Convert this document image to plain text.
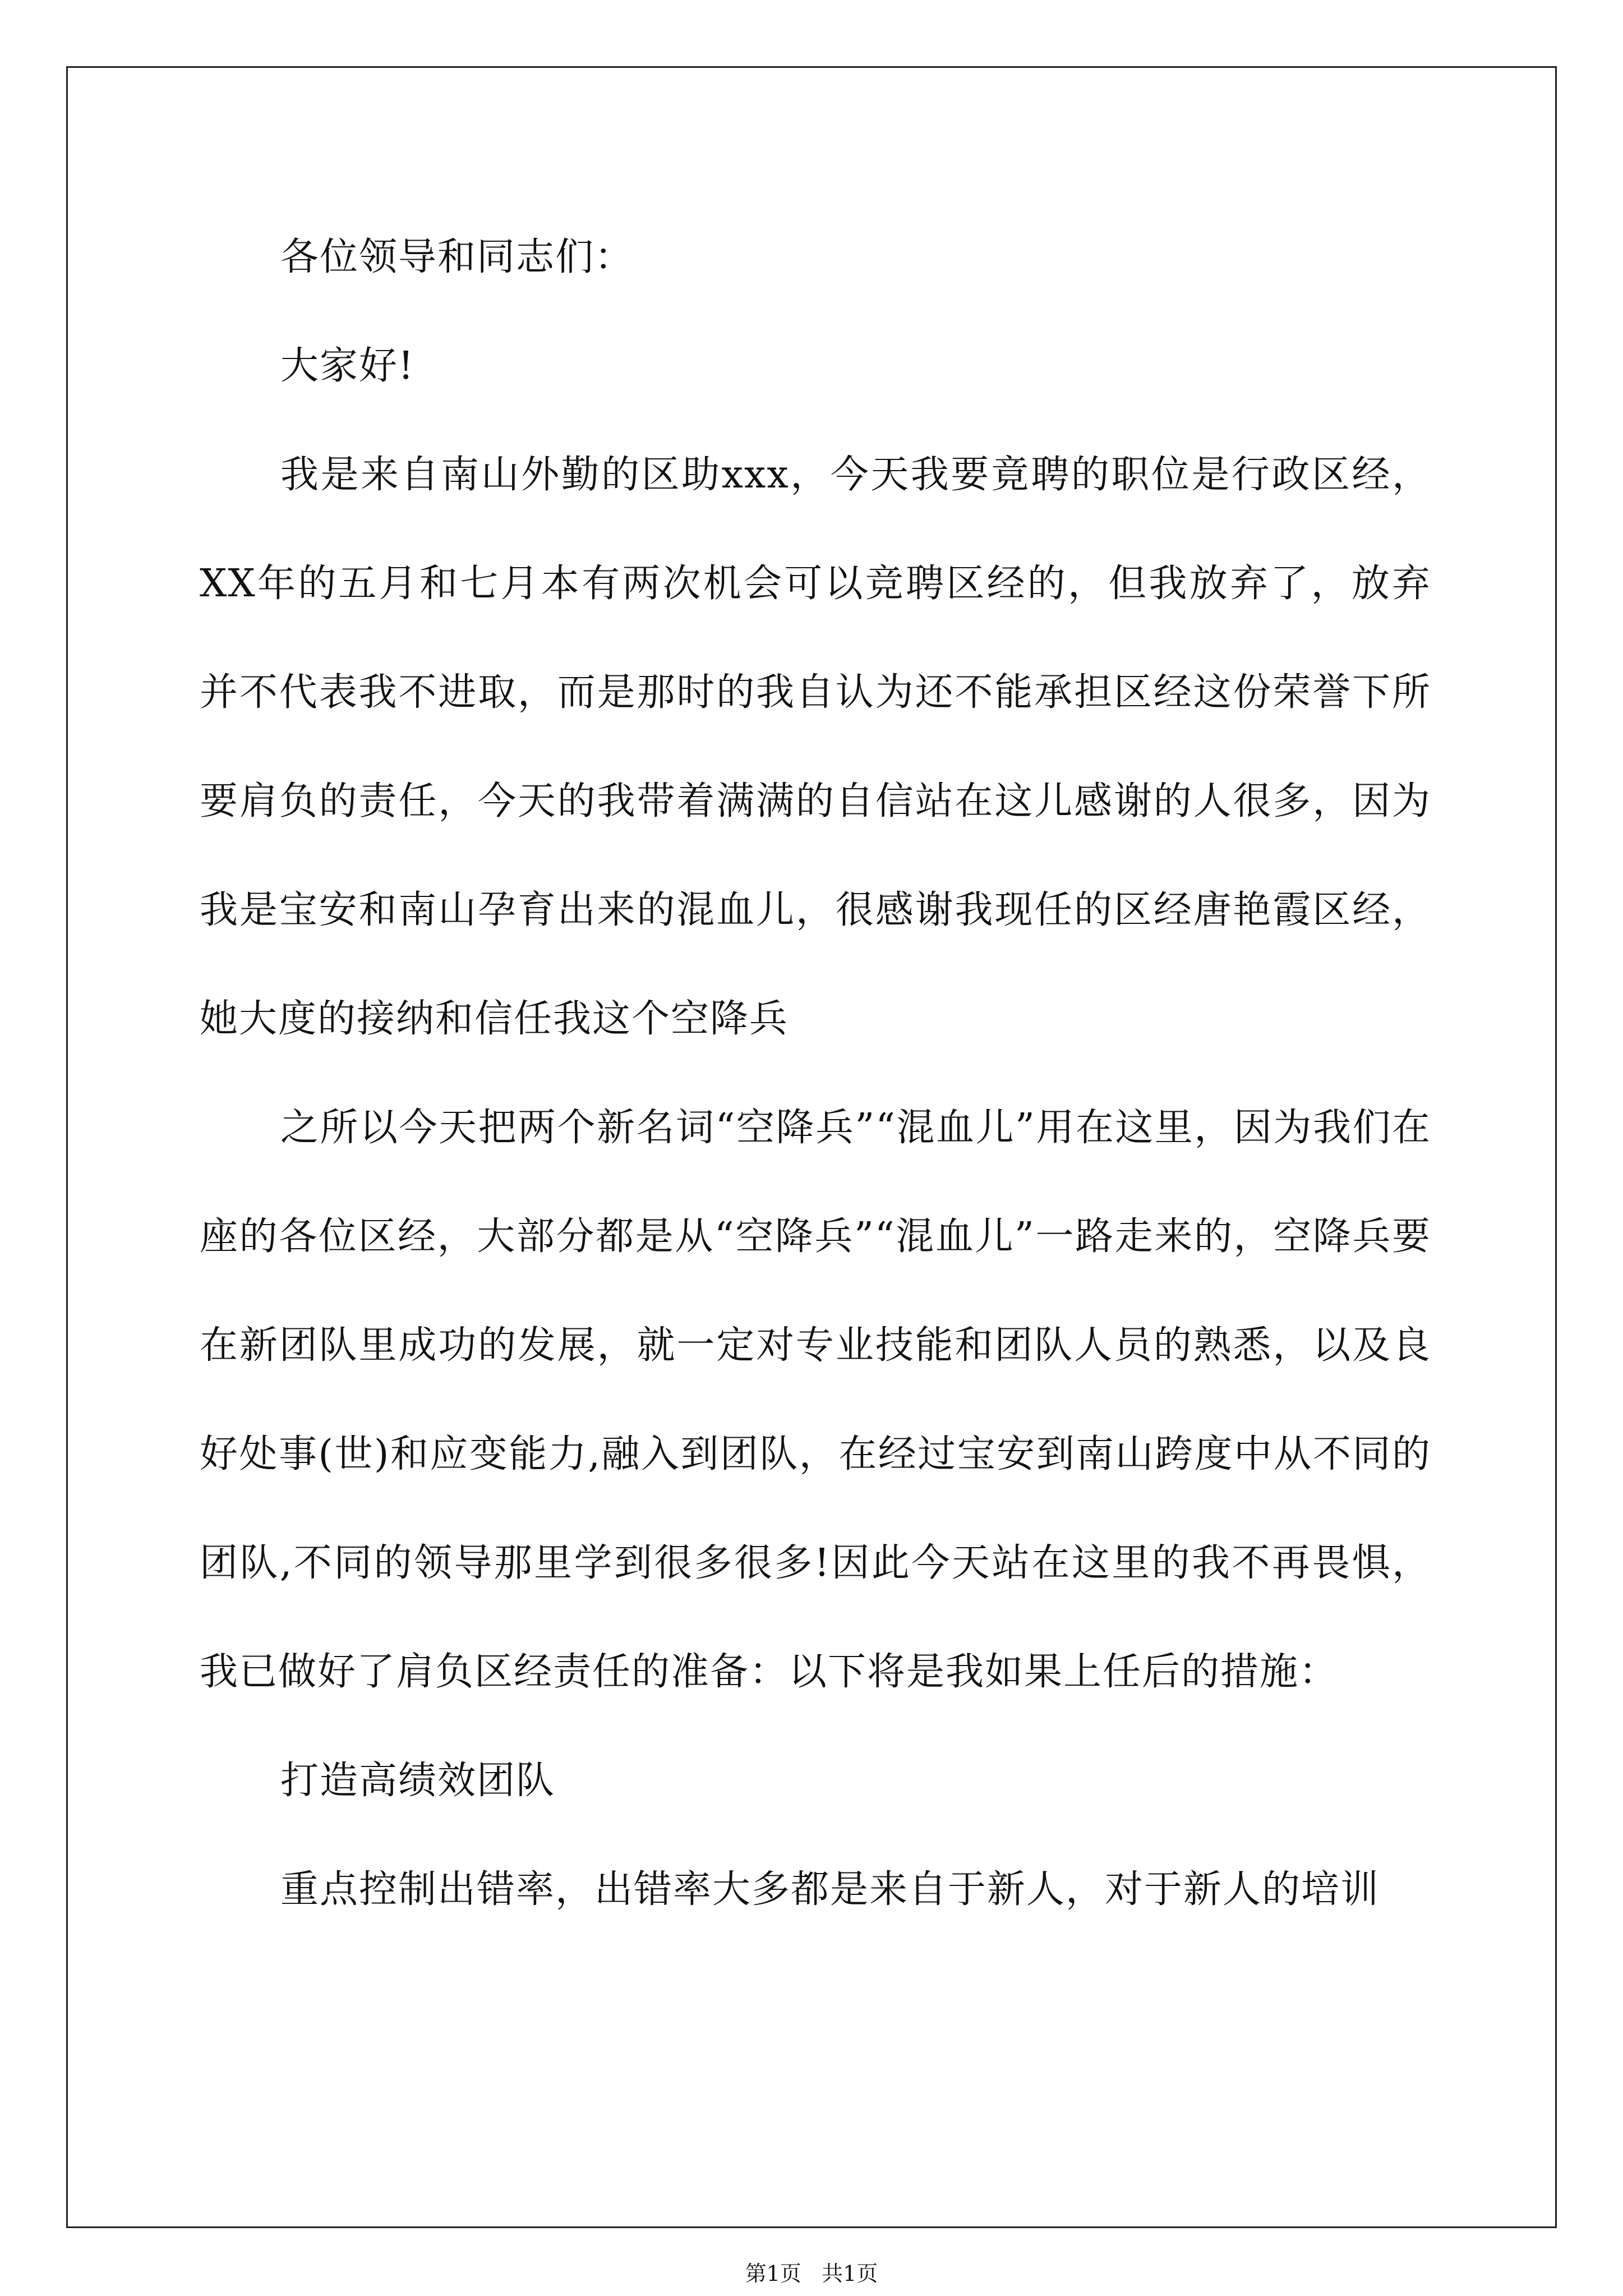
各位领导和同志们：

大家好!

我是来自南山外勤的区助xxx，今天我要竟聘的职位是行政区经，XX年的五月和七月本有两次机会可以竞聘区经的，但我放弃了，放弃并不代表我不进取，而是那时的我自认为还不能承担区经这份荣誉下所要肩负的责任，今天的我带着满满的自信站在这儿感谢的人很多，因为我是宝安和南山孕育出来的混血儿，很感谢我现任的区经唐艳霞区经，她大度的接纳和信任我这个空降兵

之所以今天把两个新名词“空降兵”“混血儿”用在这里，因为我们在座的各位区经，大部分都是从“空降兵”“混血儿”一路走来的，空降兵要在新团队里成功的发展，就一定对专业技能和团队人员的熟悉，以及良好处事(世)和应变能力,融入到团队，在经过宝安到南山跨度中从不同的团队,不同的领导那里学到很多很多!因此今天站在这里的我不再畏惧，我已做好了肩负区经责任的准备：以下将是我如果上任后的措施：

打造高绩效团队

重点控制出错率，出错率大多都是来自于新人，对于新人的培训

第1页   共1页
